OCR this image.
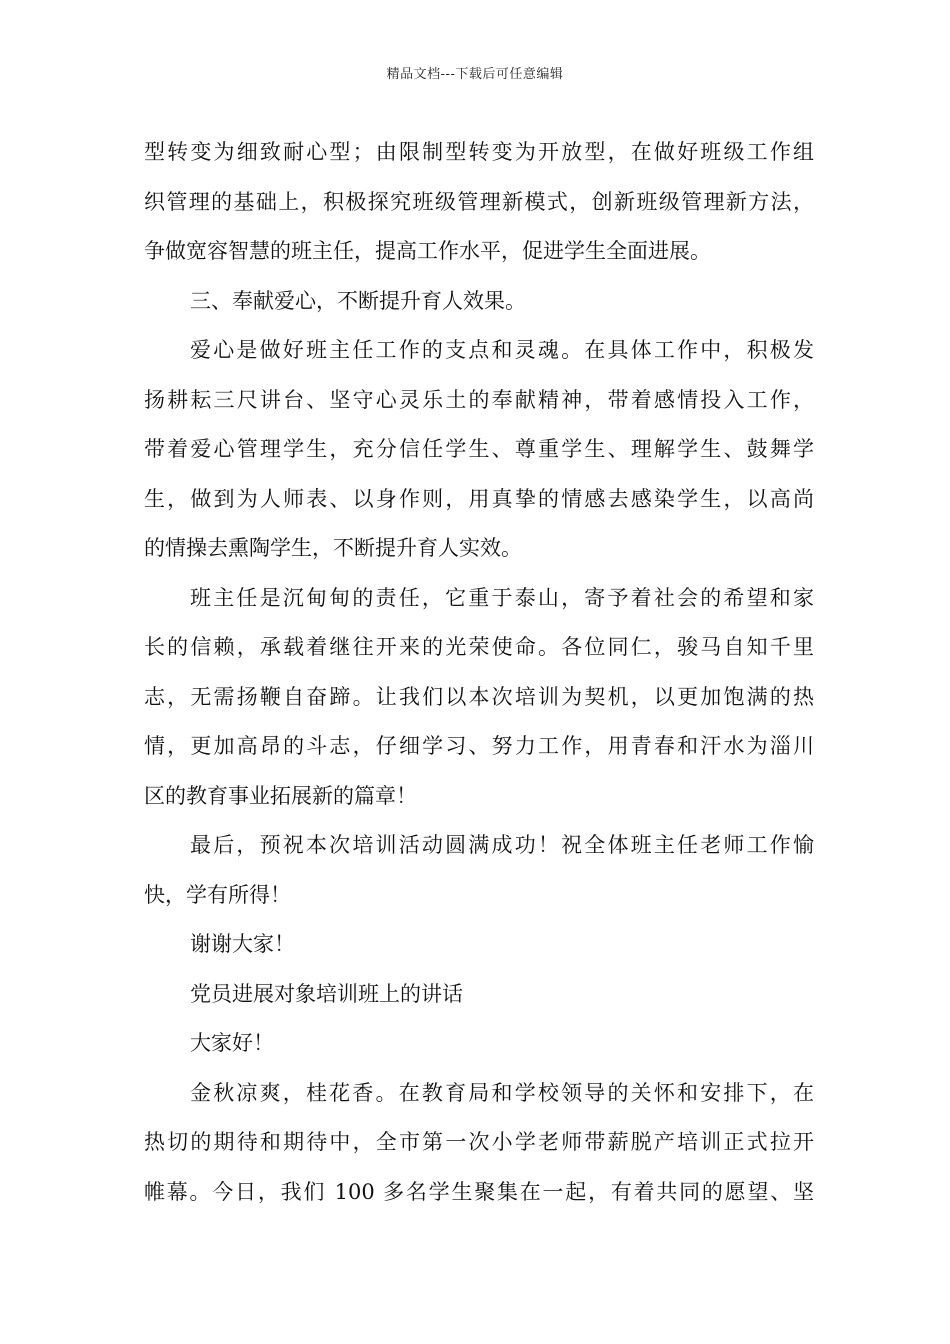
精品文档---下载后可任意编辑
型转变为细致耐心型；由限制型转变为开放型，在做好班级工作组
织管理的基础上，积极探究班级管理新模式，创新班级管理新方法，
争做宽容智慧的班主任，提高工作水平，促进学生全面进展。
三、奉献爱心，不断提升育人效果。
爱心是做好班主任工作的支点和灵魂。在具体工作中，积极发
扬耕耘三尺讲台、坚守心灵乐土的奉献精神，带着感情投入工作，
带着爱心管理学生，充分信任学生、尊重学生、理解学生、鼓舞学
生，做到为人师表、以身作则，用真挚的情感去感染学生，以高尚
的情操去熏陶学生，不断提升育人实效。
班主任是沉甸甸的责任，它重于泰山，寄予着社会的希望和家
长的信赖，承载着继往开来的光荣使命。各位同仁，骏马自知千里
志，无需扬鞭自奋蹄。让我们以本次培训为契机，以更加饱满的热
情，更加高昂的斗志，仔细学习、努力工作，用青春和汗水为淄川
区的教育事业拓展新的篇章！
最后，预祝本次培训活动圆满成功！祝全体班主任老师工作愉
快，学有所得！
谢谢大家！
党员进展对象培训班上的讲话
大家好！
金秋凉爽，桂花香。在教育局和学校领导的关怀和安排下，在
热切的期待和期待中，全市第一次小学老师带薪脱产培训正式拉开
帷幕。今日，我们 100 多名学生聚集在一起，有着共同的愿望、坚
